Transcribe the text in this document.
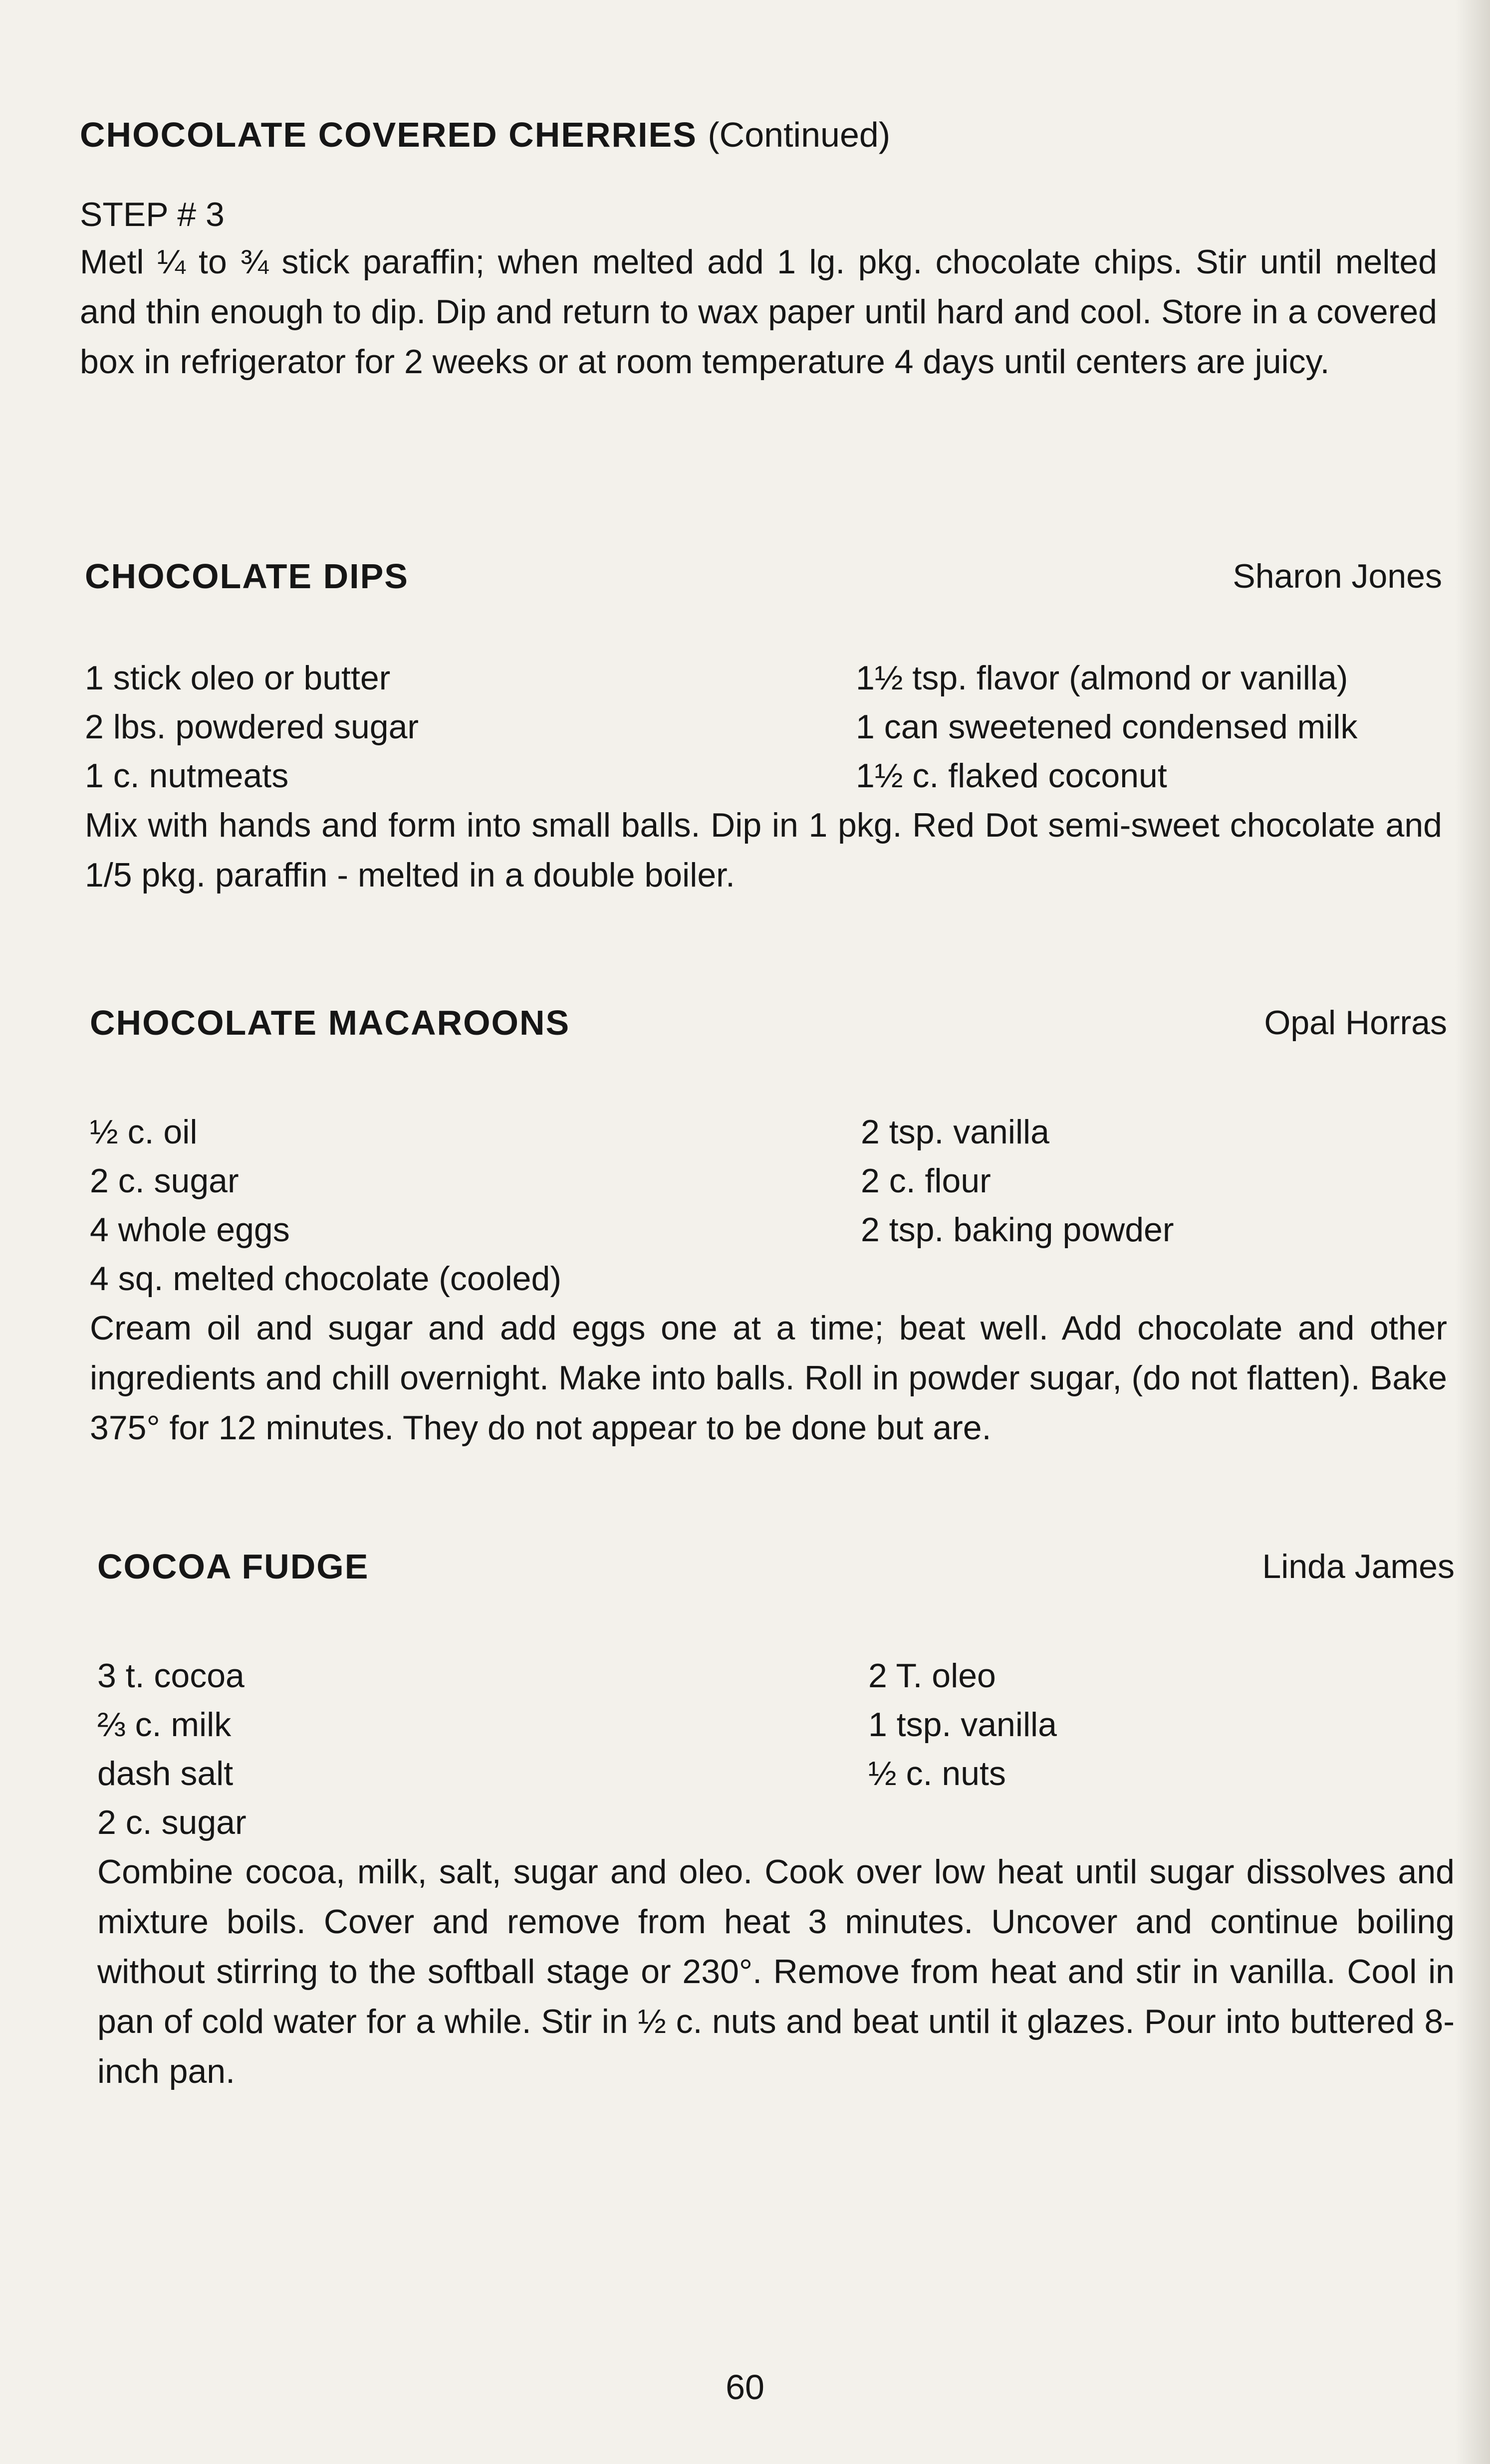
CHOCOLATE COVERED CHERRIES (Continued)
STEP # 3

Metl ¼ to ¾ stick paraffin; when melted add 1 lg. pkg. chocolate chips. Stir until melted and thin enough to dip. Dip and return to wax paper until hard and cool. Store in a covered box in refrigerator for 2 weeks or at room temperature 4 days until centers are juicy.

CHOCOLATE DIPS	Sharon Jones
1 stick oleo or butter	1½ tsp. flavor (almond or vanilla)
2 lbs. powdered sugar	1 can sweetened condensed milk
1 c. nutmeats	1½ c. flaked coconut

Mix with hands and form into small balls. Dip in 1 pkg. Red Dot semi-sweet chocolate and 1/5 pkg. paraffin - melted in a double boiler.

CHOCOLATE MACAROONS	Opal Horras
½ c. oil	2 tsp. vanilla
2 c. sugar	2 c. flour
4 whole eggs	2 tsp. baking powder
4 sq. melted chocolate (cooled)

Cream oil and sugar and add eggs one at a time; beat well. Add chocolate and other ingredients and chill overnight. Make into balls. Roll in powder sugar, (do not flatten). Bake 375° for 12 minutes. They do not appear to be done but are.

COCOA FUDGE	Linda James
3 t. cocoa	2 T. oleo
⅔ c. milk	1 tsp. vanilla
dash salt	½ c. nuts
2 c. sugar

Combine cocoa, milk, salt, sugar and oleo. Cook over low heat until sugar dissolves and mixture boils. Cover and remove from heat 3 minutes. Uncover and continue boiling without stirring to the softball stage or 230°. Remove from heat and stir in vanilla. Cool in pan of cold water for a while. Stir in ½ c. nuts and beat until it glazes. Pour into buttered 8-inch pan.

60
